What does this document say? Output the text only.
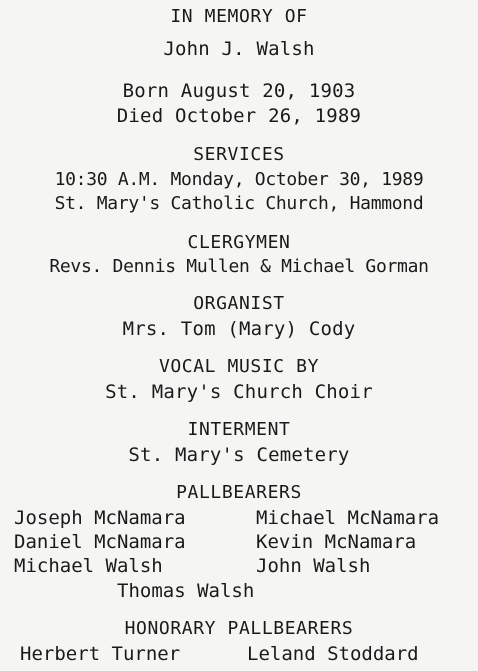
IN MEMORY OF
John J. Walsh
Born August 20, 1903
Died October 26, 1989
SERVICES
10:30 A.M. Monday, October 30, 1989
St. Mary's Catholic Church, Hammond
CLERGYMEN
Revs. Dennis Mullen & Michael Gorman
ORGANIST
Mrs. Tom (Mary) Cody
VOCAL MUSIC BY
St. Mary's Church Choir
INTERMENT
St. Mary's Cemetery
PALLBEARERS
Joseph McNamara	Michael McNamara
Daniel McNamara	Kevin McNamara
Michael Walsh	John Walsh
Thomas Walsh
HONORARY PALLBEARERS
Herbert Turner	Leland Stoddard
